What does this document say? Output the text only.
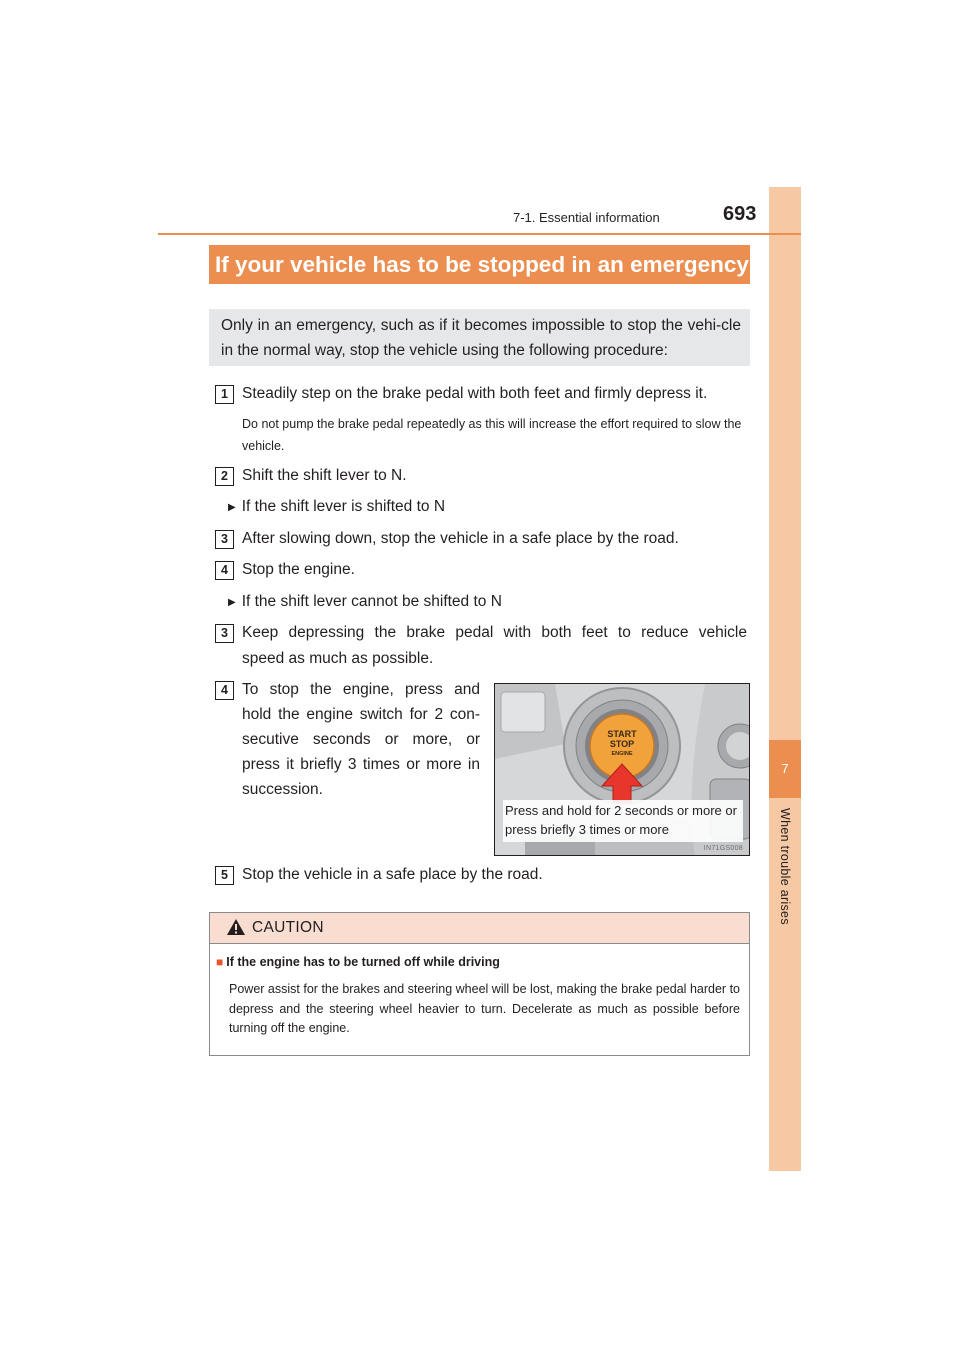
7
When trouble arises
7-1. Essential information	693
If your vehicle has to be stopped in an emergency
Only in an emergency, such as if it becomes impossible to stop the vehi-cle in the normal way, stop the vehicle using the following procedure:
1 Steadily step on the brake pedal with both feet and firmly depress it.
Do not pump the brake pedal repeatedly as this will increase the effort required to slow the vehicle.
2 Shift the shift lever to N.
▶ If the shift lever is shifted to N
3 After slowing down, stop the vehicle in a safe place by the road.
4 Stop the engine.
▶ If the shift lever cannot be shifted to N
3 Keep depressing the brake pedal with both feet to reduce vehicle
speed as much as possible.
4 To stop the engine, press and
hold the engine switch for 2 con-
secutive seconds or more, or
press it briefly 3 times or more in
succession.
START
STOP
ENGINE
Press and hold for 2 seconds or more or press briefly 3 times or more
IN71GS008
5 Stop the vehicle in a safe place by the road.
CAUTION
■ If the engine has to be turned off while driving
Power assist for the brakes and steering wheel will be lost, making the brake pedal harder to depress and the steering wheel heavier to turn. Decelerate as much as possible before turning off the engine.
